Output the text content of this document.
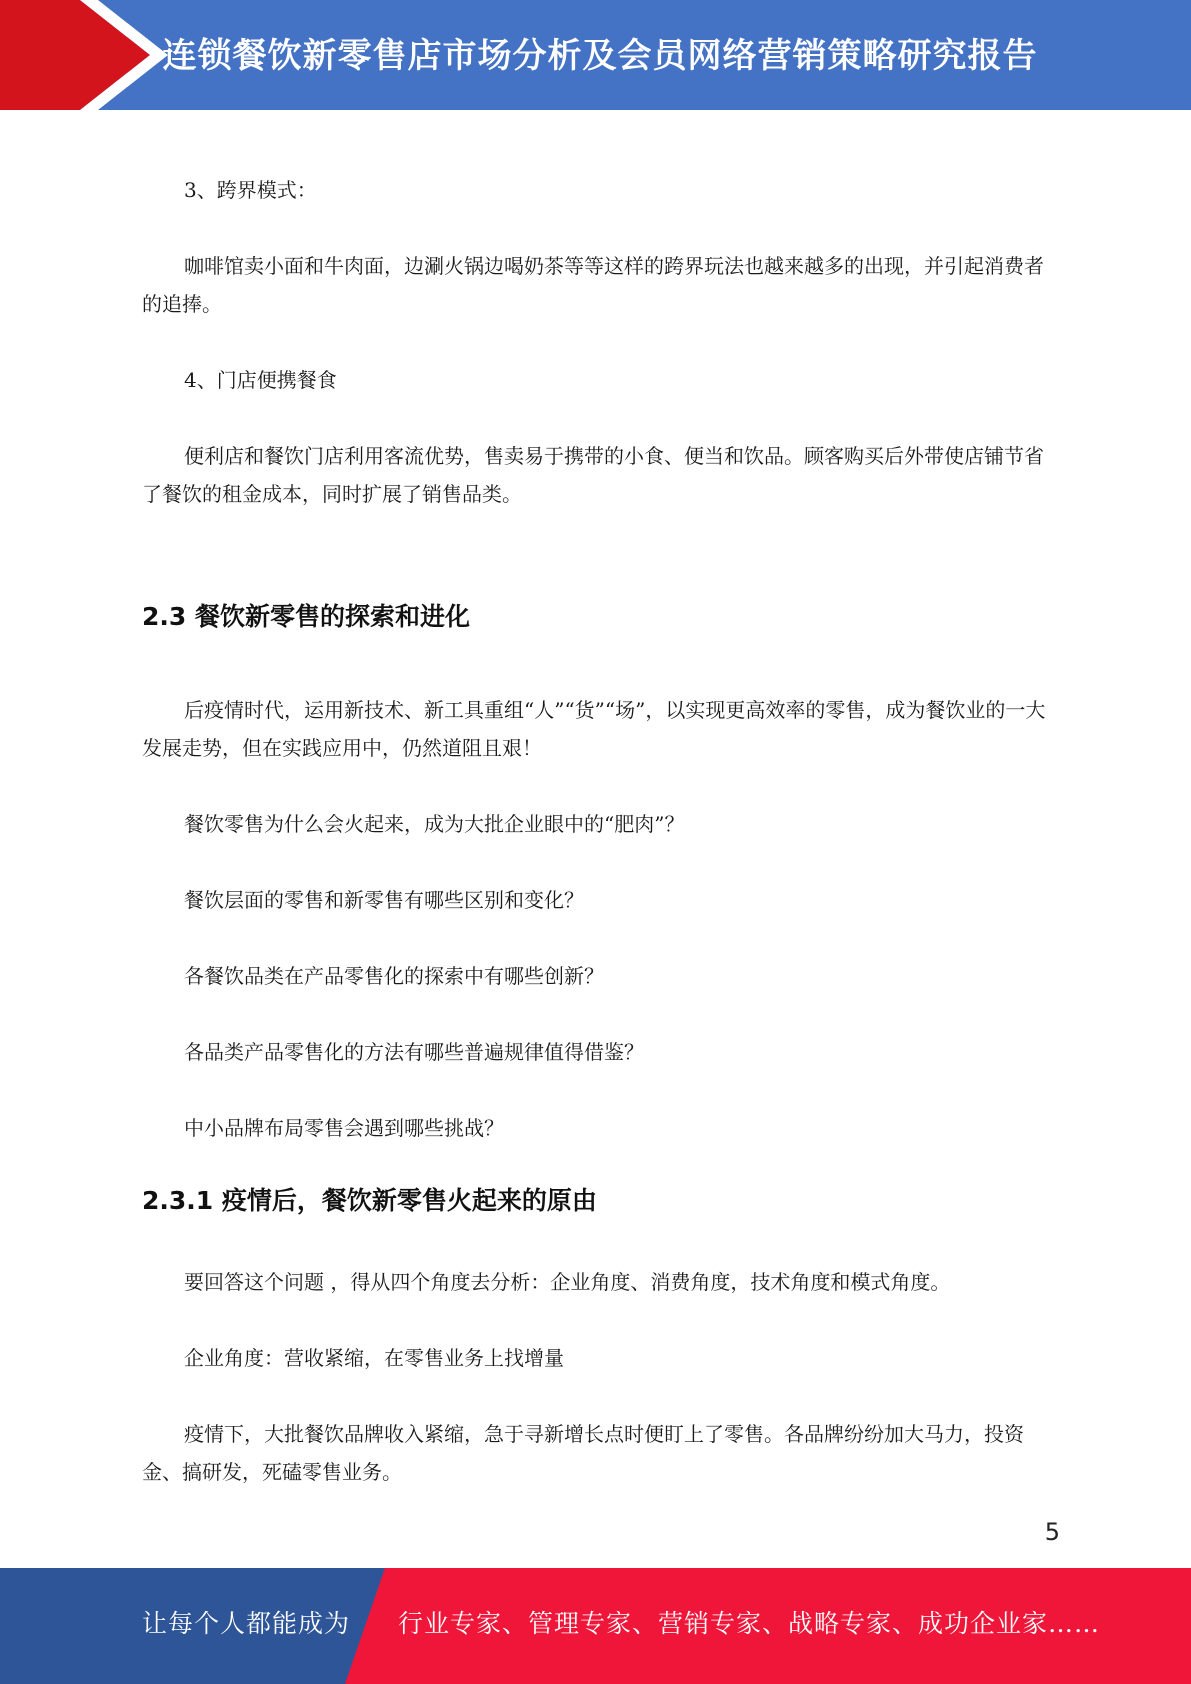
连锁餐饮新零售店市场分析及会员网络营销策略研究报告

3、跨界模式：

咖啡馆卖小面和牛肉面，边涮火锅边喝奶茶等等这样的跨界玩法也越来越多的出现，并引起消费者的追捧。

4、门店便携餐食

便利店和餐饮门店利用客流优势，售卖易于携带的小食、便当和饮品。顾客购买后外带使店铺节省了餐饮的租金成本，同时扩展了销售品类。

2.3 餐饮新零售的探索和进化

后疫情时代，运用新技术、新工具重组“人”“货”“场”，以实现更高效率的零售，成为餐饮业的一大发展走势，但在实践应用中，仍然道阻且艰！

餐饮零售为什么会火起来，成为大批企业眼中的“肥肉”？

餐饮层面的零售和新零售有哪些区别和变化？

各餐饮品类在产品零售化的探索中有哪些创新？

各品类产品零售化的方法有哪些普遍规律值得借鉴？

中小品牌布局零售会遇到哪些挑战？

2.3.1 疫情后，餐饮新零售火起来的原由

要回答这个问题 ，得从四个角度去分析：企业角度、消费角度，技术角度和模式角度。

企业角度：营收紧缩，在零售业务上找增量

疫情下，大批餐饮品牌收入紧缩，急于寻新增长点时便盯上了零售。各品牌纷纷加大马力，投资金、搞研发，死磕零售业务。

5
让每个人都能成为 行业专家、管理专家、营销专家、战略专家、成功企业家……
